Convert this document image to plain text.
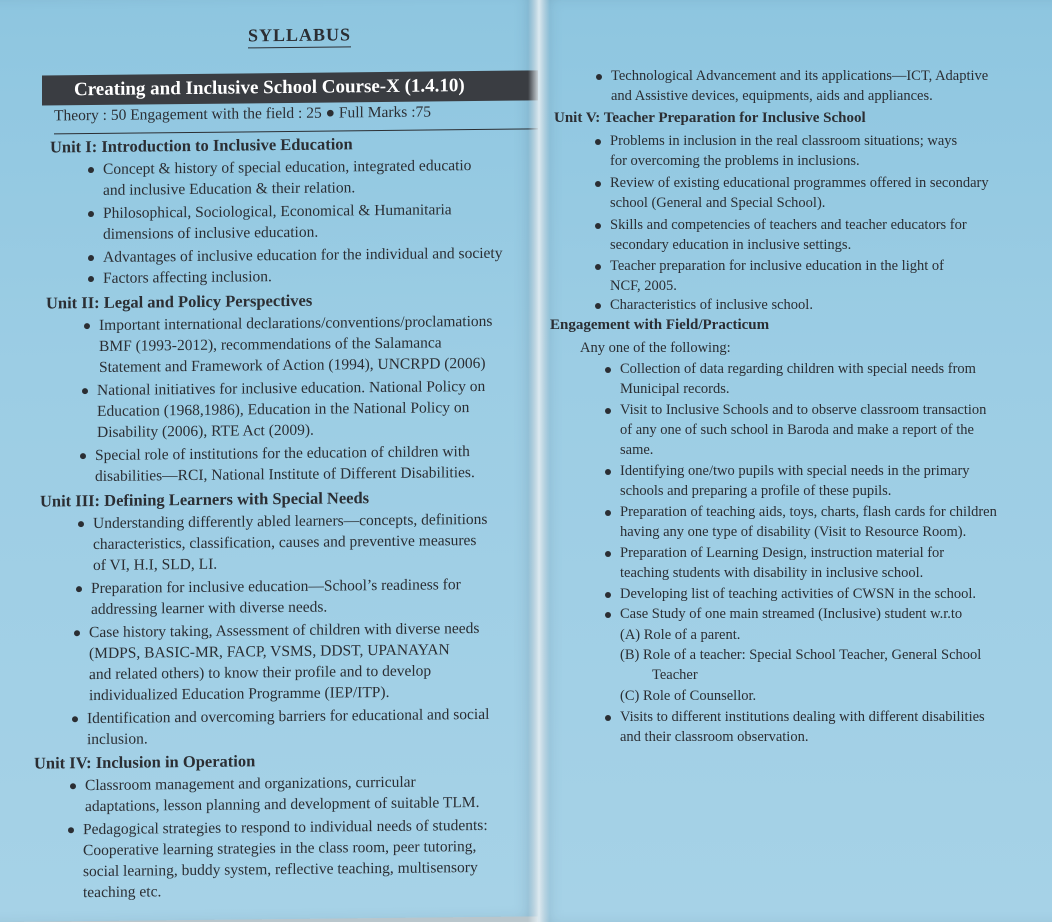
SYLLABUS
Creating and Inclusive School Course-X (1.4.10)
Theory : 50 Engagement with the field : 25 ● Full Marks :75
Unit I: Introduction to Inclusive Education
Concept & history of special education, integrated educatio
and inclusive Education & their relation.
Philosophical, Sociological, Economical & Humanitaria
dimensions of inclusive education.
Advantages of inclusive education for the individual and society
Factors affecting inclusion.
Unit II: Legal and Policy Perspectives
Important international declarations/conventions/proclamations
BMF (1993-2012), recommendations of the Salamanca
Statement and Framework of Action (1994), UNCRPD (2006)
National initiatives for inclusive education. National Policy on
Education (1968,1986), Education in the National Policy on
Disability (2006), RTE Act (2009).
Special role of institutions for the education of children with
disabilities—RCI, National Institute of Different Disabilities.
Unit III: Defining Learners with Special Needs
Understanding differently abled learners—concepts, definitions
characteristics, classification, causes and preventive measures
of VI, H.I, SLD, LI.
Preparation for inclusive education—School’s readiness for
addressing learner with diverse needs.
Case history taking, Assessment of children with diverse needs
(MDPS, BASIC-MR, FACP, VSMS, DDST, UPANAYAN
and related others) to know their profile and to develop
individualized Education Programme (IEP/ITP).
Identification and overcoming barriers for educational and social
inclusion.
Unit IV: Inclusion in Operation
Classroom management and organizations, curricular
adaptations, lesson planning and development of suitable TLM.
Pedagogical strategies to respond to individual needs of students:
Cooperative learning strategies in the class room, peer tutoring,
social learning, buddy system, reflective teaching, multisensory
teaching etc.
Technological Advancement and its applications—ICT, Adaptive
and Assistive devices, equipments, aids and appliances.
Unit V: Teacher Preparation for Inclusive School
Problems in inclusion in the real classroom situations; ways
for overcoming the problems in inclusions.
Review of existing educational programmes offered in secondary
school (General and Special School).
Skills and competencies of teachers and teacher educators for
secondary education in inclusive settings.
Teacher preparation for inclusive education in the light of
NCF, 2005.
Characteristics of inclusive school.
Engagement with Field/Practicum
Any one of the following:
Collection of data regarding children with special needs from
Municipal records.
Visit to Inclusive Schools and to observe classroom transaction
of any one of such school in Baroda and make a report of the
same.
Identifying one/two pupils with special needs in the primary
schools and preparing a profile of these pupils.
Preparation of teaching aids, toys, charts, flash cards for children
having any one type of disability (Visit to Resource Room).
Preparation of Learning Design, instruction material for
teaching students with disability in inclusive school.
Developing list of teaching activities of CWSN in the school.
Case Study of one main streamed (Inclusive) student w.r.to
(A) Role of a parent.
(B) Role of a teacher: Special School Teacher, General School
Teacher
(C) Role of Counsellor.
Visits to different institutions dealing with different disabilities
and their classroom observation.
